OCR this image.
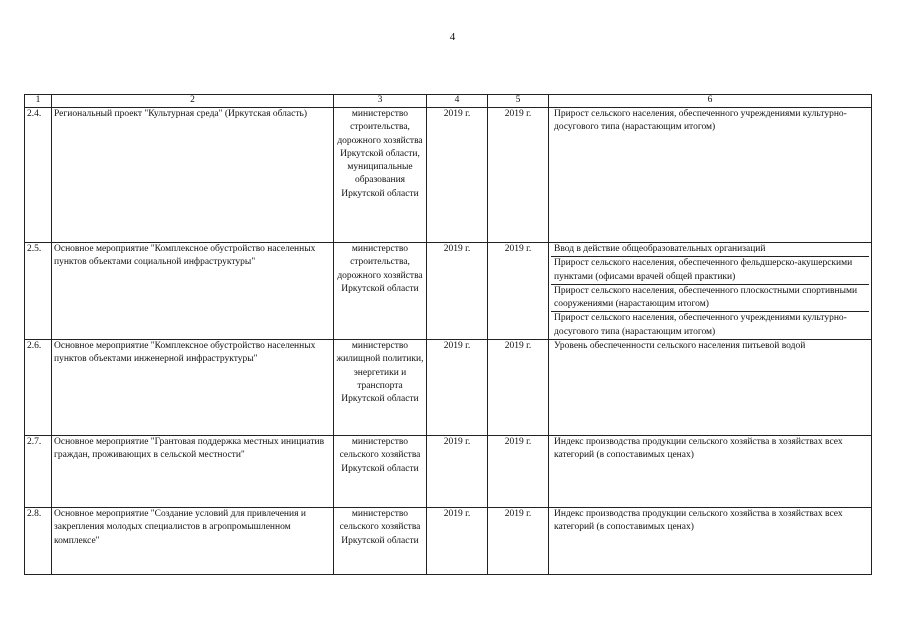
4
1	2	3	4	5	6
2.4.	Региональный проект "Культурная среда" (Иркутская область)	министерство строительства, дорожного хозяйства Иркутской области, муниципальные образования Иркутской области	2019 г.	2019 г.	Прирост сельского населения, обеспеченного учреждениями культурно-досугового типа (нарастающим итогом)

2.5.	Основное мероприятие "Комплексное обустройство населенных пунктов объектами социальной инфраструктуры"	министерство строительства, дорожного хозяйства Иркутской области	2019 г.	2019 г.	Ввод в действие общеобразовательных организаций
Прирост сельского населения, обеспеченного фельдшерско-акушерскими пунктами (офисами врачей общей практики)
Прирост сельского населения, обеспеченного плоскостными спортивными сооружениями (нарастающим итогом)
Прирост сельского населения, обеспеченного учреждениями культурно-досугового типа (нарастающим итогом)

2.6.	Основное мероприятие "Комплексное обустройство населенных пунктов объектами инженерной инфраструктуры"	министерство жилищной политики, энергетики и транспорта Иркутской области	2019 г.	2019 г.	Уровень обеспеченности сельского населения питьевой водой

2.7.	Основное мероприятие "Грантовая поддержка местных инициатив граждан, проживающих в сельской местности"	министерство сельского хозяйства Иркутской области	2019 г.	2019 г.	Индекс производства продукции сельского хозяйства в хозяйствах всех категорий (в сопоставимых ценах)

2.8.	Основное мероприятие "Создание условий для привлечения и закрепления молодых специалистов в агропромышленном комплексе"	министерство сельского хозяйства Иркутской области	2019 г.	2019 г.	Индекс производства продукции сельского хозяйства в хозяйствах всех категорий (в сопоставимых ценах)
